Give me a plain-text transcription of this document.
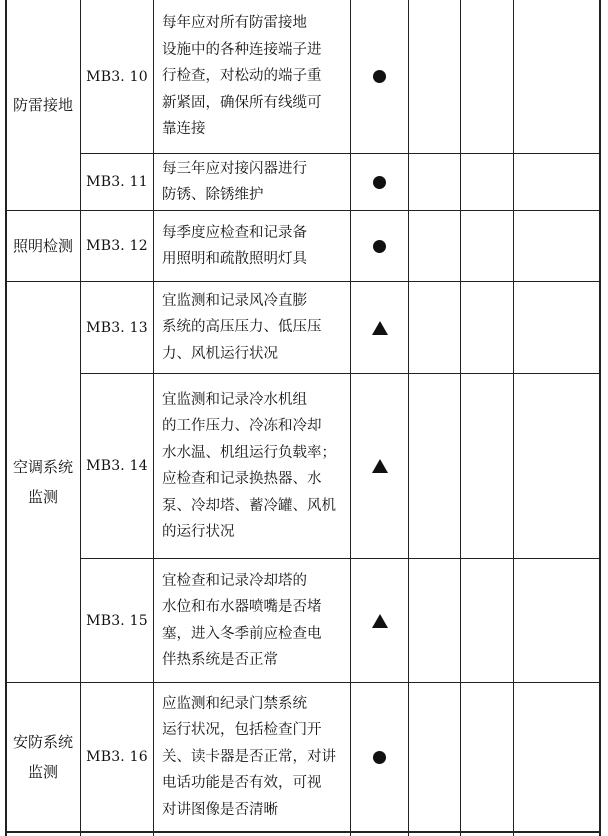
防雷接地
照明检测
空调系统
监测
安防系统
监测
MB3. 10
每年应对所有防雷接地
设施中的各种连接端子进
行检查，对松动的端子重
新紧固，确保所有线缆可
靠连接
MB3. 11
每三年应对接闪器进行
防锈、除锈维护
MB3. 12
每季度应检查和记录备
用照明和疏散照明灯具
MB3. 13
宜监测和记录风冷直膨
系统的高压压力、低压压
力、风机运行状况
MB3. 14
宜监测和记录冷水机组
的工作压力、冷冻和冷却
水水温、机组运行负载率；
应检查和记录换热器、水
泵、冷却塔、蓄冷罐、风机
的运行状况
MB3. 15
宜检查和记录冷却塔的
水位和布水器喷嘴是否堵
塞，进入冬季前应检查电
伴热系统是否正常
MB3. 16
应监测和纪录门禁系统
运行状况，包括检查门开
关、读卡器是否正常，对讲
电话功能是否有效，可视
对讲图像是否清晰
